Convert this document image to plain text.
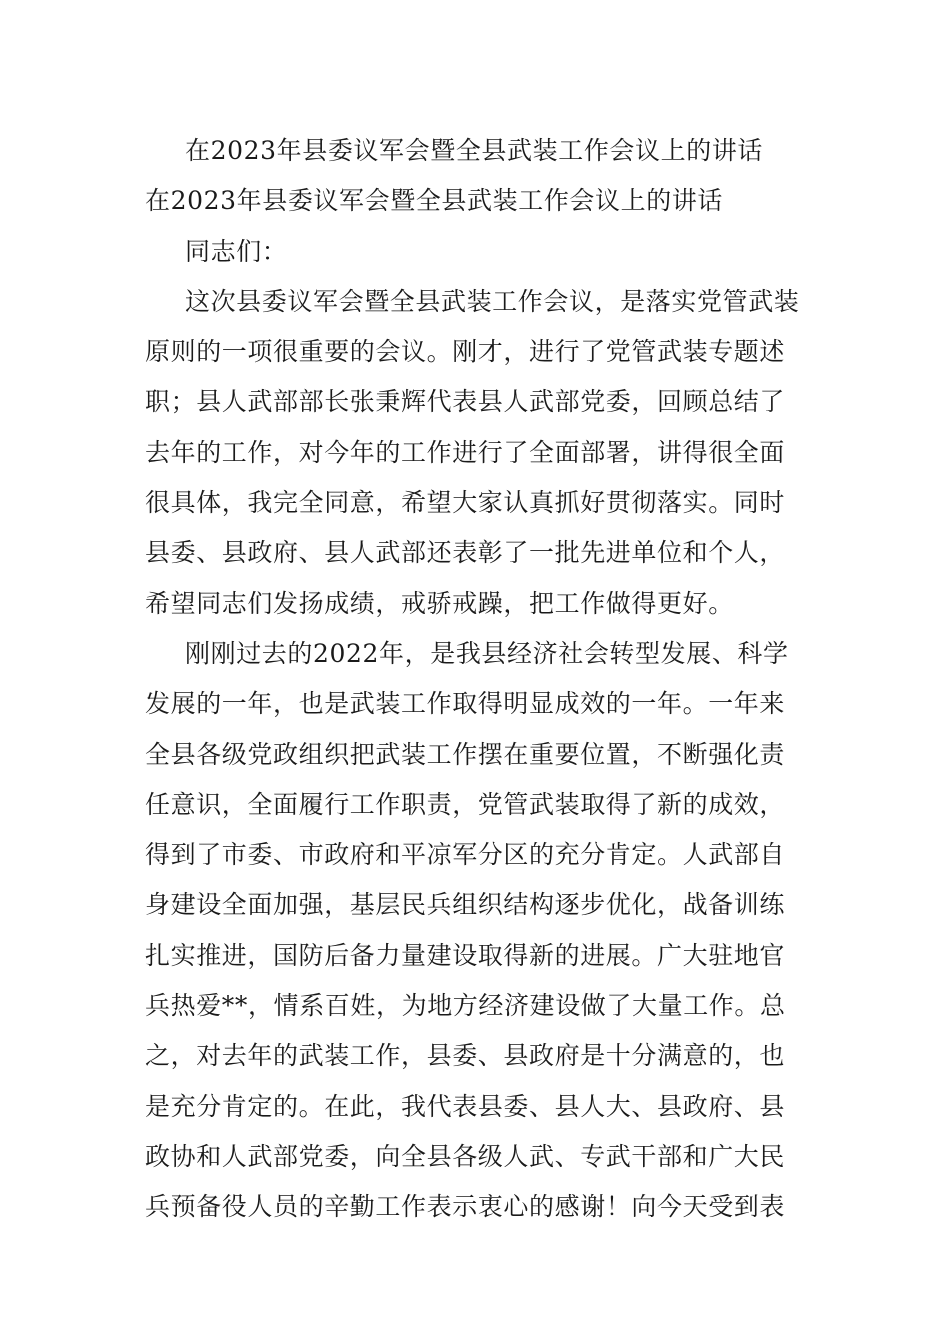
在2023年县委议军会暨全县武装工作会议上的讲话
在2023年县委议军会暨全县武装工作会议上的讲话
同志们：
这次县委议军会暨全县武装工作会议，是落实党管武装
原则的一项很重要的会议。刚才，进行了党管武装专题述
职；县人武部部长张秉辉代表县人武部党委，回顾总结了
去年的工作，对今年的工作进行了全面部署，讲得很全面
很具体，我完全同意，希望大家认真抓好贯彻落实。同时
县委、县政府、县人武部还表彰了一批先进单位和个人，
希望同志们发扬成绩，戒骄戒躁，把工作做得更好。
刚刚过去的2022年，是我县经济社会转型发展、科学
发展的一年，也是武装工作取得明显成效的一年。一年来
全县各级党政组织把武装工作摆在重要位置，不断强化责
任意识，全面履行工作职责，党管武装取得了新的成效，
得到了市委、市政府和平凉军分区的充分肯定。人武部自
身建设全面加强，基层民兵组织结构逐步优化，战备训练
扎实推进，国防后备力量建设取得新的进展。广大驻地官
兵热爱**，情系百姓，为地方经济建设做了大量工作。总
之，对去年的武装工作，县委、县政府是十分满意的，也
是充分肯定的。在此，我代表县委、县人大、县政府、县
政协和人武部党委，向全县各级人武、专武干部和广大民
兵预备役人员的辛勤工作表示衷心的感谢！向今天受到表
